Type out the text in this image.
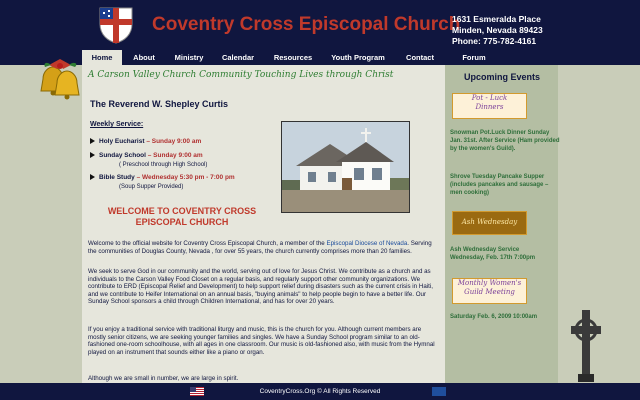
Coventry Cross Episcopal Church
1631 Esmeralda Place
Minden, Nevada 89423
Phone: 775-782-4161
Home	About	Ministry	Calendar	Resources	Youth Program	Contact	Forum
A Carson Valley Church Community Touching Lives through Christ
The Reverend W. Shepley Curtis
Weekly Service:
Holy Eucharist – Sunday 9:00 am
Sunday School – Sunday 9:00 am
( Preschool through High School)
Bible Study – Wednesday 5:30 pm - 7:00 pm
(Soup Supper Provided)
WELCOME TO COVENTRY CROSS
EPISCOPAL CHURCH
Welcome to the official website for Coventry Cross Episcopal Church, a member of the Episcopal Diocese of Nevada. Serving the communities of Douglas County, Nevada , for over 55 years, the church currently comprises more than 20 families.
We seek to serve God in our community and the world, serving out of love for Jesus Christ. We contribute as a church and as individuals to the Carson Valley Food Closet on a regular basis, and regularly support other community organizations. We contribute to ERD (Episcopal Relief and Development) to help support relief during disasters such as the current crisis in Haiti, and we contribute to Heifer International on an annual basis, "buying animals" to help people begin to have a better life. Our Sunday School sponsors a child through Children International, and has for over 20 years.
If you enjoy a traditional service with traditional liturgy and music, this is the church for you. Although current members are mostly senior citizens, we are seeking younger families and singles. We have a Sunday School program similar to an old-fashioned one-room schoolhouse, with all ages in one classroom. Our music is old-fashioned also, with music from the Hymnal played on an instrument that sounds either like a piano or organ.
Although we are small in number, we are large in spirit.
Upcoming Events
Pot - Luck
Dinners
Snowman Pot.Luck Dinner Sunday Jan. 31st. After Service (Ham provided by the women's Guild).
Shrove Tuesday Pancake Supper (includes pancakes and sausage – men cooking)
Ash Wednesday
Ash Wednesday Service
Wednesday, Feb. 17th 7:00pm
Monthly Women's
Guild Meeting
Saturday Feb. 6, 2009 10:00am
CoventryCross.Org © All Rights Reserved
